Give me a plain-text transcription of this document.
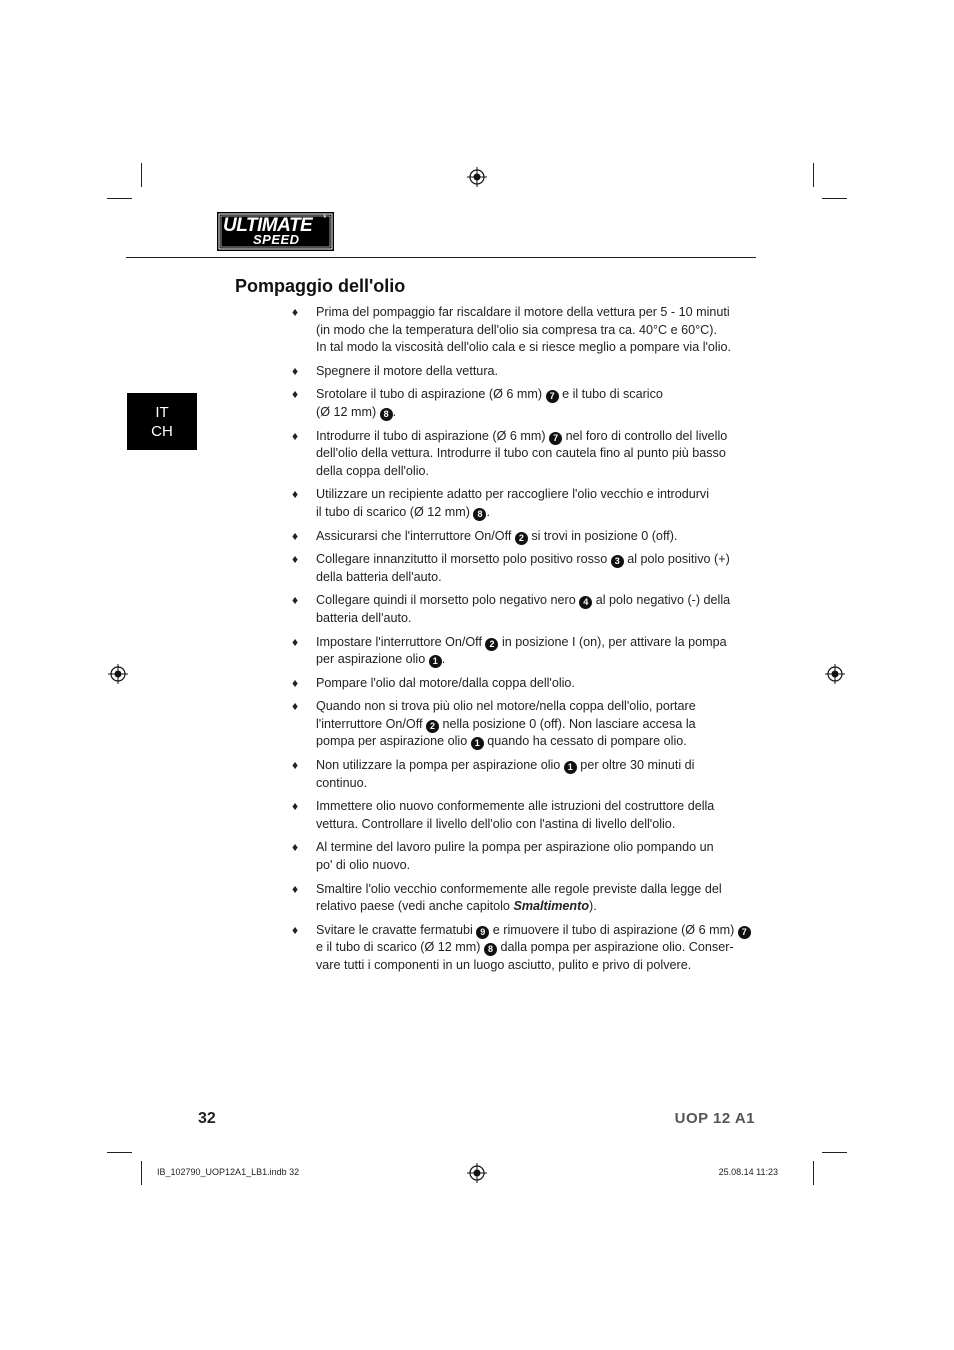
ULTIMATE
SPEED
*
Pompaggio dell'olio
IT
CH
♦ Prima del pompaggio far riscaldare il motore della vettura per 5 - 10 minuti
(in modo che la temperatura dell'olio sia compresa tra ca. 40°C e 60°C).
In tal modo la viscosità dell'olio cala e si riesce meglio a pompare via l'olio.
♦ Spegnere il motore della vettura.
♦ Srotolare il tubo di aspirazione (Ø 6 mm) 7 e il tubo di scarico
(Ø 12 mm) 8 .
♦ Introdurre il tubo di aspirazione (Ø 6 mm) 7 nel foro di controllo del livello
dell'olio della vettura. Introdurre il tubo con cautela fino al punto più basso
della coppa dell'olio.
♦ Utilizzare un recipiente adatto per raccogliere l'olio vecchio e introdurvi
il tubo di scarico (Ø 12 mm) 8 .
♦ Assicurarsi che l'interruttore On/Off 2 si trovi in posizione 0 (off).
♦ Collegare innanzitutto il morsetto polo positivo rosso 3 al polo positivo (+)
della batteria dell'auto.
♦ Collegare quindi il morsetto polo negativo nero 4 al polo negativo (-) della
batteria dell'auto.
♦ Impostare l'interruttore On/Off 2 in posizione I (on), per attivare la pompa
per aspirazione olio 1 .
♦ Pompare l'olio dal motore/dalla coppa dell'olio.
♦ Quando non si trova più olio nel motore/nella coppa dell'olio, portare
l'interruttore On/Off 2 nella posizione 0 (off). Non lasciare accesa la
pompa per aspirazione olio 1 quando ha cessato di pompare olio.
♦ Non utilizzare la pompa per aspirazione olio 1 per oltre 30 minuti di
continuo.
♦ Immettere olio nuovo conformemente alle istruzioni del costruttore della
vettura. Controllare il livello dell'olio con l'astina di livello dell'olio.
♦ Al termine del lavoro pulire la pompa per aspirazione olio pompando un
po' di olio nuovo.
♦ Smaltire l'olio vecchio conformemente alle regole previste dalla legge del
relativo paese (vedi anche capitolo Smaltimento).
♦ Svitare le cravatte fermatubi 9 e rimuovere il tubo di aspirazione (Ø 6 mm) 7
e il tubo di scarico (Ø 12 mm) 8 dalla pompa per aspirazione olio. Conser-
vare tutti i componenti in un luogo asciutto, pulito e privo di polvere.
32	UOP 12 A1
IB_102790_UOP12A1_LB1.indb 32	25.08.14 11:23
